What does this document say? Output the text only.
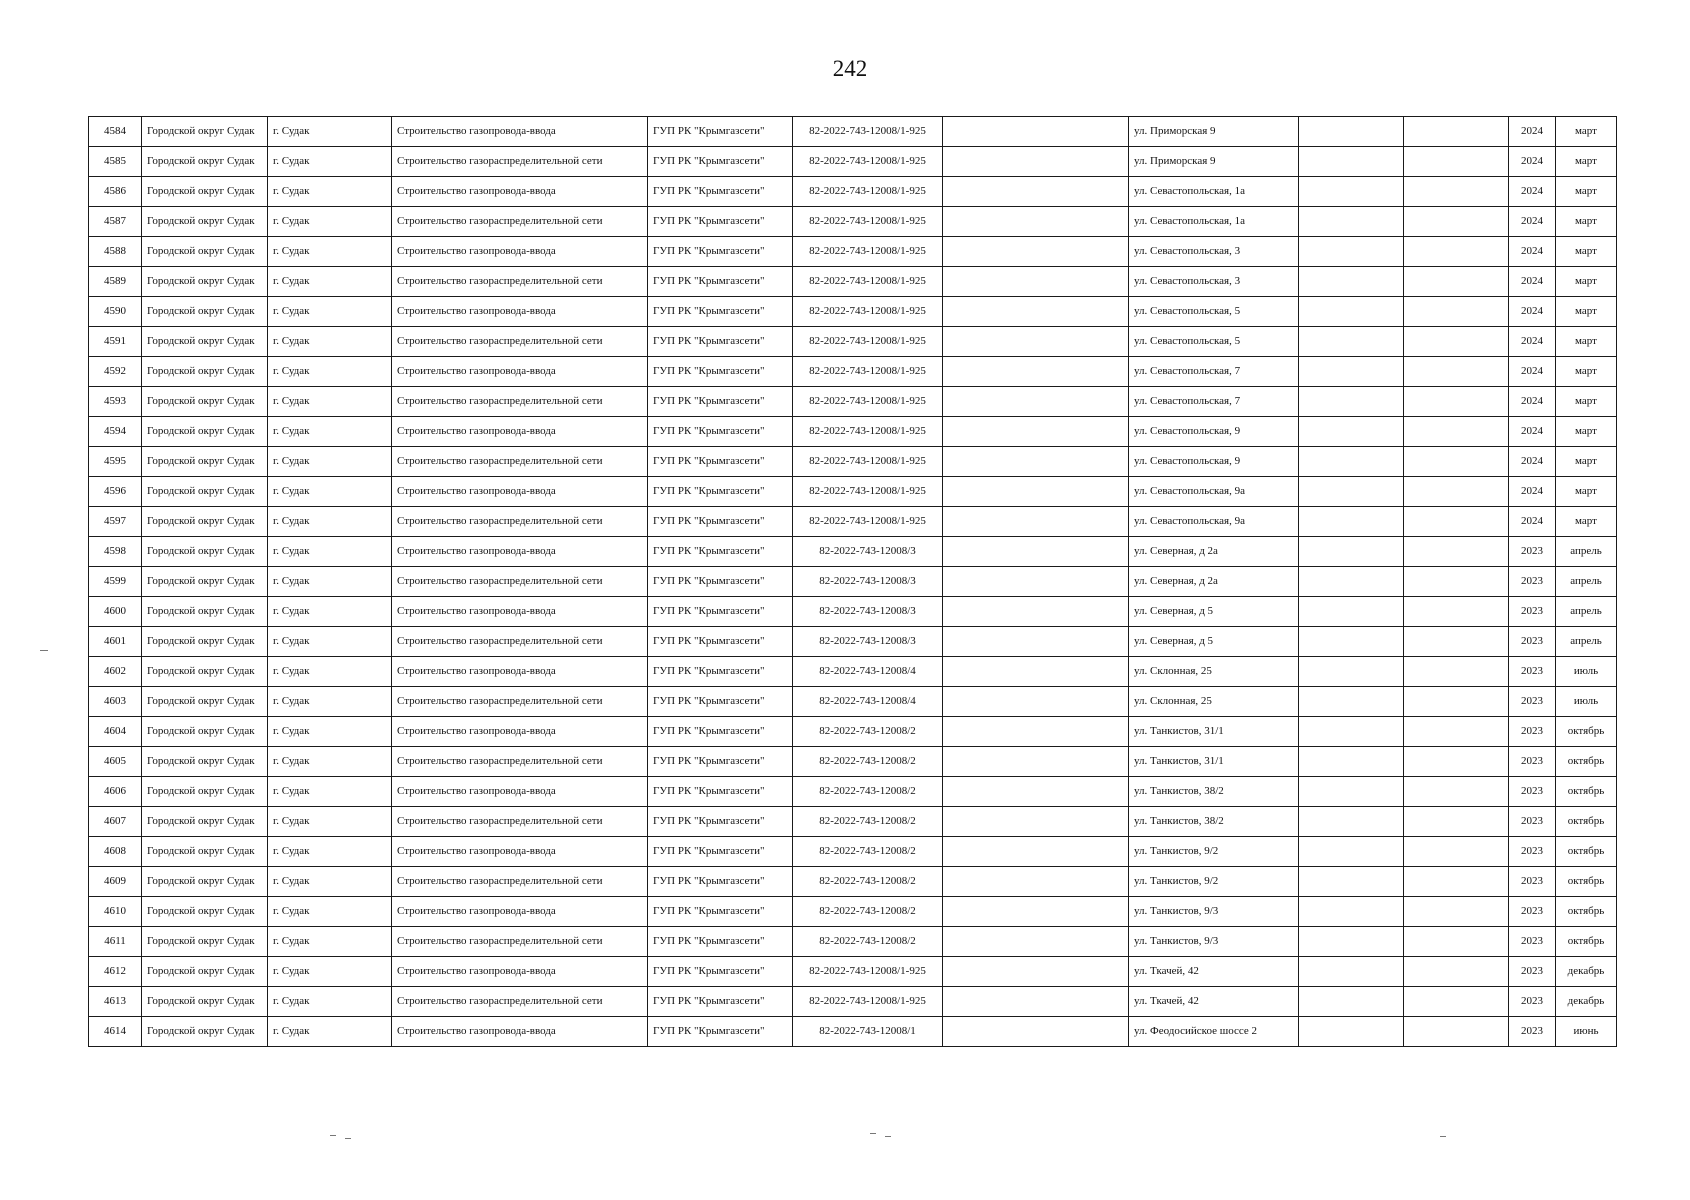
242
4584	Городской округ Судак	г. Судак	Строительство газопровода-ввода	ГУП РК "Крымгазсети"	82-2022-743-12008/1-925		ул. Приморская 9			2024	март
4585	Городской округ Судак	г. Судак	Строительство газораспределительной сети	ГУП РК "Крымгазсети"	82-2022-743-12008/1-925		ул. Приморская 9			2024	март
4586	Городской округ Судак	г. Судак	Строительство газопровода-ввода	ГУП РК "Крымгазсети"	82-2022-743-12008/1-925		ул. Севастопольская, 1а			2024	март
4587	Городской округ Судак	г. Судак	Строительство газораспределительной сети	ГУП РК "Крымгазсети"	82-2022-743-12008/1-925		ул. Севастопольская, 1а			2024	март
4588	Городской округ Судак	г. Судак	Строительство газопровода-ввода	ГУП РК "Крымгазсети"	82-2022-743-12008/1-925		ул. Севастопольская, 3			2024	март
4589	Городской округ Судак	г. Судак	Строительство газораспределительной сети	ГУП РК "Крымгазсети"	82-2022-743-12008/1-925		ул. Севастопольская, 3			2024	март
4590	Городской округ Судак	г. Судак	Строительство газопровода-ввода	ГУП РК "Крымгазсети"	82-2022-743-12008/1-925		ул. Севастопольская, 5			2024	март
4591	Городской округ Судак	г. Судак	Строительство газораспределительной сети	ГУП РК "Крымгазсети"	82-2022-743-12008/1-925		ул. Севастопольская, 5			2024	март
4592	Городской округ Судак	г. Судак	Строительство газопровода-ввода	ГУП РК "Крымгазсети"	82-2022-743-12008/1-925		ул. Севастопольская, 7			2024	март
4593	Городской округ Судак	г. Судак	Строительство газораспределительной сети	ГУП РК "Крымгазсети"	82-2022-743-12008/1-925		ул. Севастопольская, 7			2024	март
4594	Городской округ Судак	г. Судак	Строительство газопровода-ввода	ГУП РК "Крымгазсети"	82-2022-743-12008/1-925		ул. Севастопольская, 9			2024	март
4595	Городской округ Судак	г. Судак	Строительство газораспределительной сети	ГУП РК "Крымгазсети"	82-2022-743-12008/1-925		ул. Севастопольская, 9			2024	март
4596	Городской округ Судак	г. Судак	Строительство газопровода-ввода	ГУП РК "Крымгазсети"	82-2022-743-12008/1-925		ул. Севастопольская, 9а			2024	март
4597	Городской округ Судак	г. Судак	Строительство газораспределительной сети	ГУП РК "Крымгазсети"	82-2022-743-12008/1-925		ул. Севастопольская, 9а			2024	март
4598	Городской округ Судак	г. Судак	Строительство газопровода-ввода	ГУП РК "Крымгазсети"	82-2022-743-12008/3		ул. Северная, д 2а			2023	апрель
4599	Городской округ Судак	г. Судак	Строительство газораспределительной сети	ГУП РК "Крымгазсети"	82-2022-743-12008/3		ул. Северная, д 2а			2023	апрель
4600	Городской округ Судак	г. Судак	Строительство газопровода-ввода	ГУП РК "Крымгазсети"	82-2022-743-12008/3		ул. Северная, д 5			2023	апрель
4601	Городской округ Судак	г. Судак	Строительство газораспределительной сети	ГУП РК "Крымгазсети"	82-2022-743-12008/3		ул. Северная, д 5			2023	апрель
4602	Городской округ Судак	г. Судак	Строительство газопровода-ввода	ГУП РК "Крымгазсети"	82-2022-743-12008/4		ул. Склонная, 25			2023	июль
4603	Городской округ Судак	г. Судак	Строительство газораспределительной сети	ГУП РК "Крымгазсети"	82-2022-743-12008/4		ул. Склонная, 25			2023	июль
4604	Городской округ Судак	г. Судак	Строительство газопровода-ввода	ГУП РК "Крымгазсети"	82-2022-743-12008/2		ул. Танкистов, 31/1			2023	октябрь
4605	Городской округ Судак	г. Судак	Строительство газораспределительной сети	ГУП РК "Крымгазсети"	82-2022-743-12008/2		ул. Танкистов, 31/1			2023	октябрь
4606	Городской округ Судак	г. Судак	Строительство газопровода-ввода	ГУП РК "Крымгазсети"	82-2022-743-12008/2		ул. Танкистов, 38/2			2023	октябрь
4607	Городской округ Судак	г. Судак	Строительство газораспределительной сети	ГУП РК "Крымгазсети"	82-2022-743-12008/2		ул. Танкистов, 38/2			2023	октябрь
4608	Городской округ Судак	г. Судак	Строительство газопровода-ввода	ГУП РК "Крымгазсети"	82-2022-743-12008/2		ул. Танкистов, 9/2			2023	октябрь
4609	Городской округ Судак	г. Судак	Строительство газораспределительной сети	ГУП РК "Крымгазсети"	82-2022-743-12008/2		ул. Танкистов, 9/2			2023	октябрь
4610	Городской округ Судак	г. Судак	Строительство газопровода-ввода	ГУП РК "Крымгазсети"	82-2022-743-12008/2		ул. Танкистов, 9/3			2023	октябрь
4611	Городской округ Судак	г. Судак	Строительство газораспределительной сети	ГУП РК "Крымгазсети"	82-2022-743-12008/2		ул. Танкистов, 9/3			2023	октябрь
4612	Городской округ Судак	г. Судак	Строительство газопровода-ввода	ГУП РК "Крымгазсети"	82-2022-743-12008/1-925		ул. Ткачей, 42			2023	декабрь
4613	Городской округ Судак	г. Судак	Строительство газораспределительной сети	ГУП РК "Крымгазсети"	82-2022-743-12008/1-925		ул. Ткачей, 42			2023	декабрь
4614	Городской округ Судак	г. Судак	Строительство газопровода-ввода	ГУП РК "Крымгазсети"	82-2022-743-12008/1		ул. Феодосийское шоссе 2			2023	июнь
